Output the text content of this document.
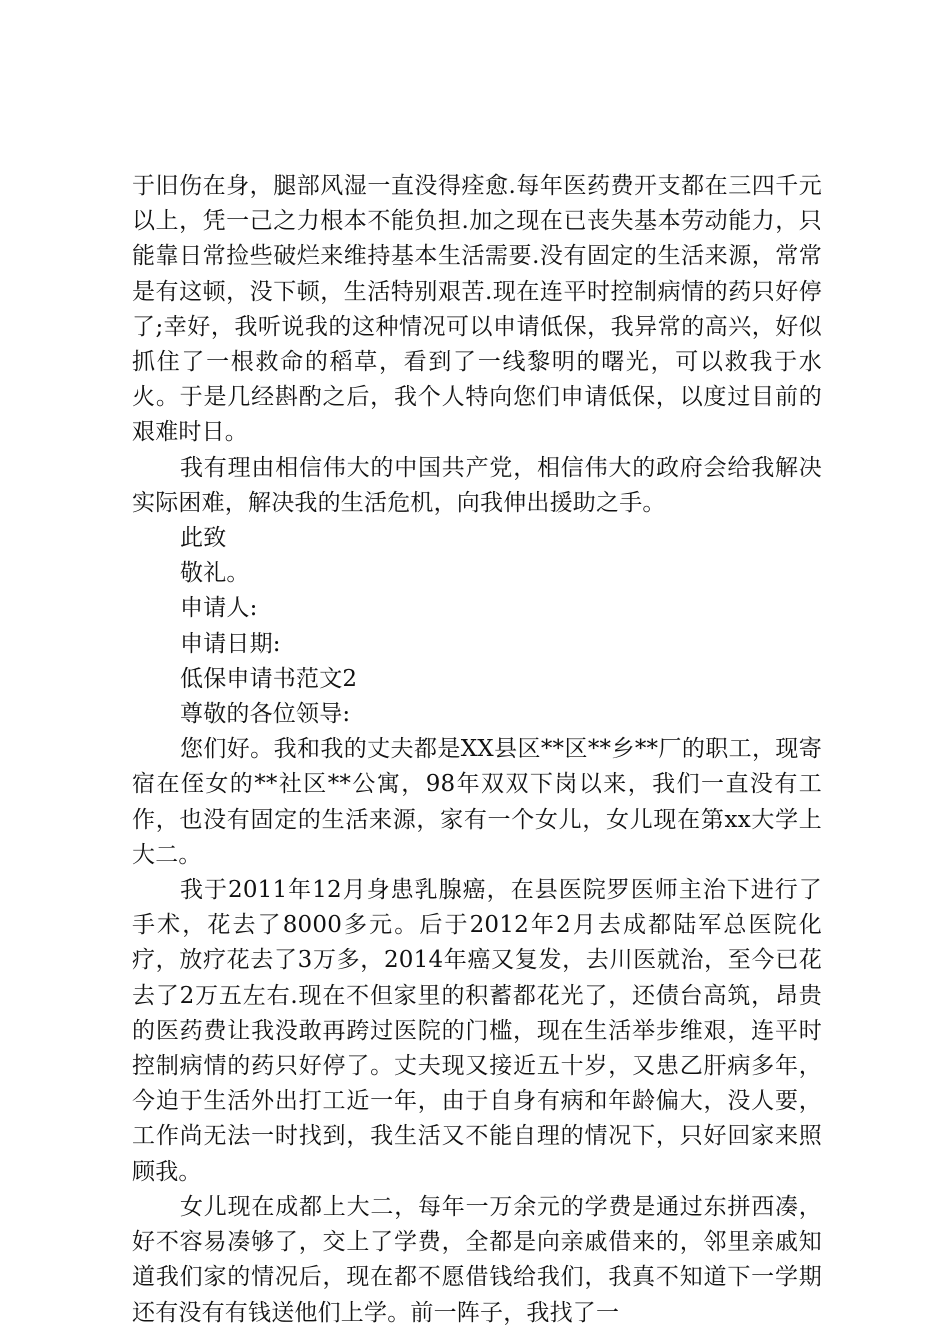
于旧伤在身，腿部风湿一直没得痊愈.每年医药费开支都在三四千元以上，凭一己之力根本不能负担.加之现在已丧失基本劳动能力，只能靠日常捡些破烂来维持基本生活需要.没有固定的生活来源，常常是有这顿，没下顿，生活特别艰苦.现在连平时控制病情的药只好停了;幸好，我听说我的这种情况可以申请低保，我异常的高兴，好似抓住了一根救命的稻草，看到了一线黎明的曙光，可以救我于水火。于是几经斟酌之后，我个人特向您们申请低保，以度过目前的艰难时日。

我有理由相信伟大的中国共产党，相信伟大的政府会给我解决实际困难，解决我的生活危机，向我伸出援助之手。

此致

敬礼。

申请人:

申请日期:

低保申请书范文2

尊敬的各位领导:

您们好。我和我的丈夫都是XX县区**区**乡**厂的职工，现寄宿在侄女的**社区**公寓，98年双双下岗以来，我们一直没有工作，也没有固定的生活来源，家有一个女儿，女儿现在第xx大学上大二。

我于2011年12月身患乳腺癌，在县医院罗医师主治下进行了手术，花去了8000多元。后于2012年2月去成都陆军总医院化疗，放疗花去了3万多，2014年癌又复发，去川医就治，至今已花去了2万五左右.现在不但家里的积蓄都花光了，还债台高筑，昂贵的医药费让我没敢再跨过医院的门槛，现在生活举步维艰，连平时控制病情的药只好停了。丈夫现又接近五十岁，又患乙肝病多年，今迫于生活外出打工近一年，由于自身有病和年龄偏大，没人要，工作尚无法一时找到，我生活又不能自理的情况下，只好回家来照顾我。

女儿现在成都上大二，每年一万余元的学费是通过东拼西凑，好不容易凑够了，交上了学费，全都是向亲戚借来的，邻里亲戚知道我们家的情况后，现在都不愿借钱给我们，我真不知道下一学期还有没有有钱送他们上学。前一阵子，我找了一
